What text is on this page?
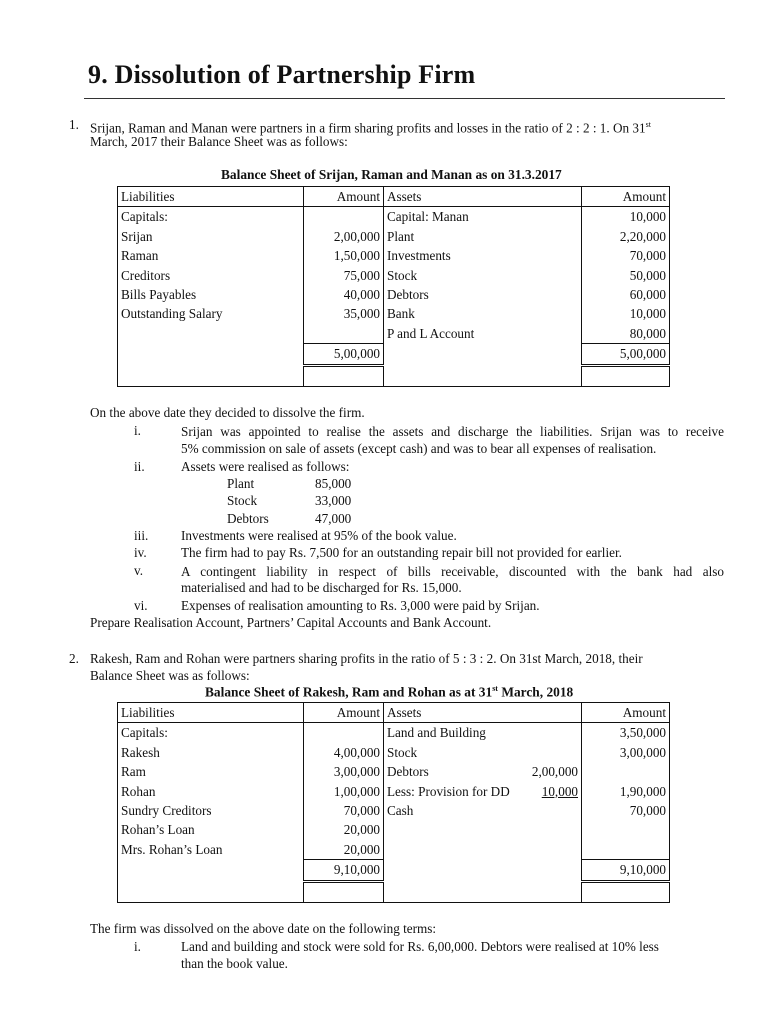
9. Dissolution of Partnership Firm
1. Srijan, Raman and Manan were partners in a firm sharing profits and losses in the ratio of 2 : 2 : 1. On 31st
March, 2017 their Balance Sheet was as follows:
Balance Sheet of Srijan, Raman and Manan as on 31.3.2017
Liabilities	Amount	Assets	Amount
Capitals:		Capital: Manan	10,000
Srijan	2,00,000	Plant	2,20,000
Raman	1,50,000	Investments	70,000
Creditors	75,000	Stock	50,000
Bills Payables	40,000	Debtors	60,000
Outstanding Salary	35,000	Bank	10,000
		P and L Account	80,000
	5,00,000		5,00,000

On the above date they decided to dissolve the firm.
i.	Srijan was appointed to realise the assets and discharge the liabilities. Srijan was to receive
5% commission on sale of assets (except cash) and was to bear all expenses of realisation.
ii.	Assets were realised as follows:
Plant	85,000
Stock	33,000
Debtors	47,000
iii. Investments were realised at 95% of the book value.
iv.	The firm had to pay Rs. 7,500 for an outstanding repair bill not provided for earlier.
v.	A contingent liability in respect of bills receivable, discounted with the bank had also
materialised and had to be discharged for Rs. 15,000.
vi.	Expenses of realisation amounting to Rs. 3,000 were paid by Srijan.
Prepare Realisation Account, Partners’ Capital Accounts and Bank Account.
2. Rakesh, Ram and Rohan were partners sharing profits in the ratio of 5 : 3 : 2. On 31st March, 2018, their
Balance Sheet was as follows:
Balance Sheet of Rakesh, Ram and Rohan as at 31st March, 2018
Liabilities	Amount	Assets	Amount
Capitals:		Land and Building	3,50,000
Rakesh	4,00,000	Stock	3,00,000
Ram	3,00,000	Debtors 2,00,000	

Rohan	1,00,000	Less: Provision for DD 10,000	1,90,000
Sundry Creditors	70,000	Cash	70,000
Rohan’s Loan	20,000		
Mrs. Rohan’s Loan	20,000		
	9,10,000		9,10,000

The firm was dissolved on the above date on the following terms:
i.	Land and building and stock were sold for Rs. 6,00,000. Debtors were realised at 10% less
than the book value.
